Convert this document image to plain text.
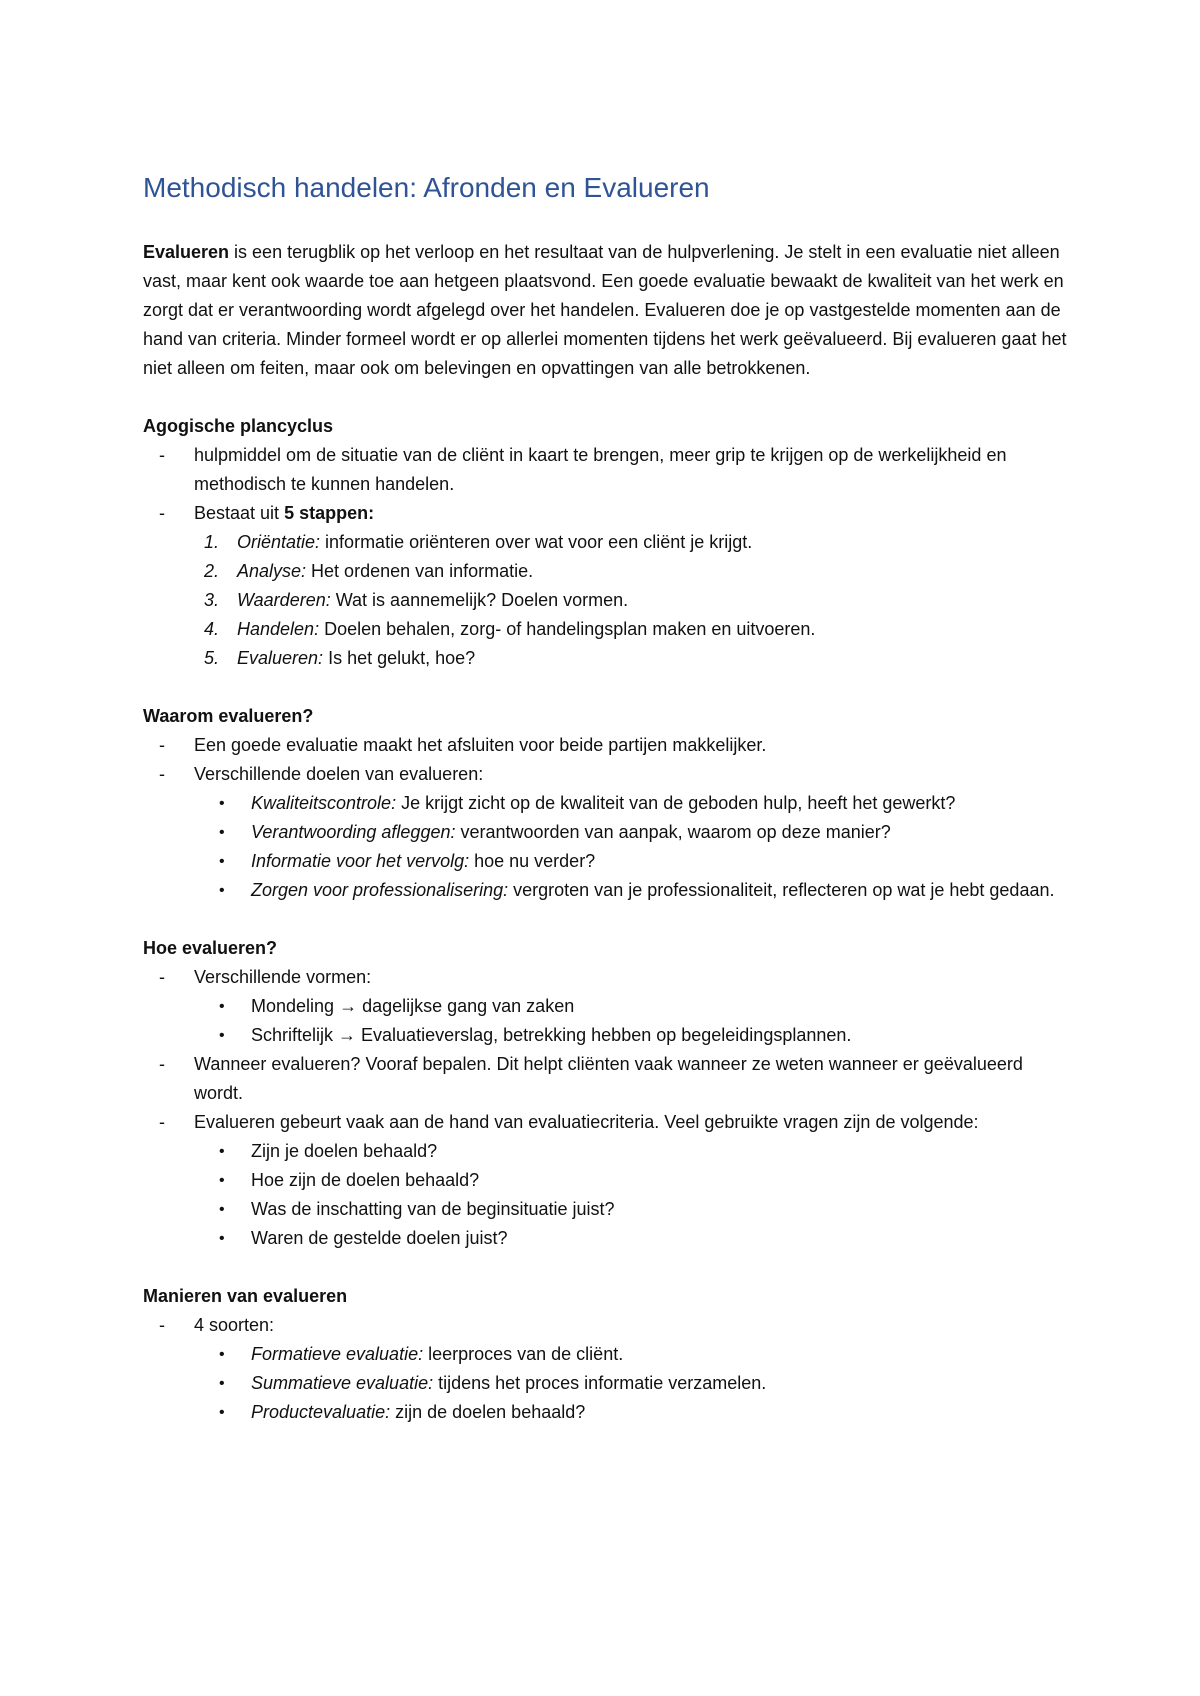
Methodisch handelen: Afronden en Evalueren

Evalueren is een terugblik op het verloop en het resultaat van de hulpverlening. Je stelt in een evaluatie niet alleen vast, maar kent ook waarde toe aan hetgeen plaatsvond. Een goede evaluatie bewaakt de kwaliteit van het werk en zorgt dat er verantwoording wordt afgelegd over het handelen. Evalueren doe je op vastgestelde momenten aan de hand van criteria. Minder formeel wordt er op allerlei momenten tijdens het werk geëvalueerd. Bij evalueren gaat het niet alleen om feiten, maar ook om belevingen en opvattingen van alle betrokkenen.

Agogische plancyclus

- hulpmiddel om de situatie van de cliënt in kaart te brengen, meer grip te krijgen op de werkelijkheid en methodisch te kunnen handelen.
- Bestaat uit 5 stappen:
1. Oriëntatie: informatie oriënteren over wat voor een cliënt je krijgt.
2. Analyse: Het ordenen van informatie.
3. Waarderen: Wat is aannemelijk? Doelen vormen.
4. Handelen: Doelen behalen, zorg- of handelingsplan maken en uitvoeren.
5. Evalueren: Is het gelukt, hoe?

Waarom evalueren?

- Een goede evaluatie maakt het afsluiten voor beide partijen makkelijker.
- Verschillende doelen van evalueren:
• Kwaliteitscontrole: Je krijgt zicht op de kwaliteit van de geboden hulp, heeft het gewerkt?
• Verantwoording afleggen: verantwoorden van aanpak, waarom op deze manier?
• Informatie voor het vervolg: hoe nu verder?
• Zorgen voor professionalisering: vergroten van je professionaliteit, reflecteren op wat je hebt gedaan.

Hoe evalueren?

- Verschillende vormen:
• Mondeling → dagelijkse gang van zaken
• Schriftelijk → Evaluatieverslag, betrekking hebben op begeleidingsplannen.
- Wanneer evalueren? Vooraf bepalen. Dit helpt cliënten vaak wanneer ze weten wanneer er geëvalueerd wordt.
- Evalueren gebeurt vaak aan de hand van evaluatiecriteria. Veel gebruikte vragen zijn de volgende:
• Zijn je doelen behaald?
• Hoe zijn de doelen behaald?
• Was de inschatting van de beginsituatie juist?
• Waren de gestelde doelen juist?

Manieren van evalueren

- 4 soorten:
• Formatieve evaluatie: leerproces van de cliënt.
• Summatieve evaluatie: tijdens het proces informatie verzamelen.
• Productevaluatie: zijn de doelen behaald?
